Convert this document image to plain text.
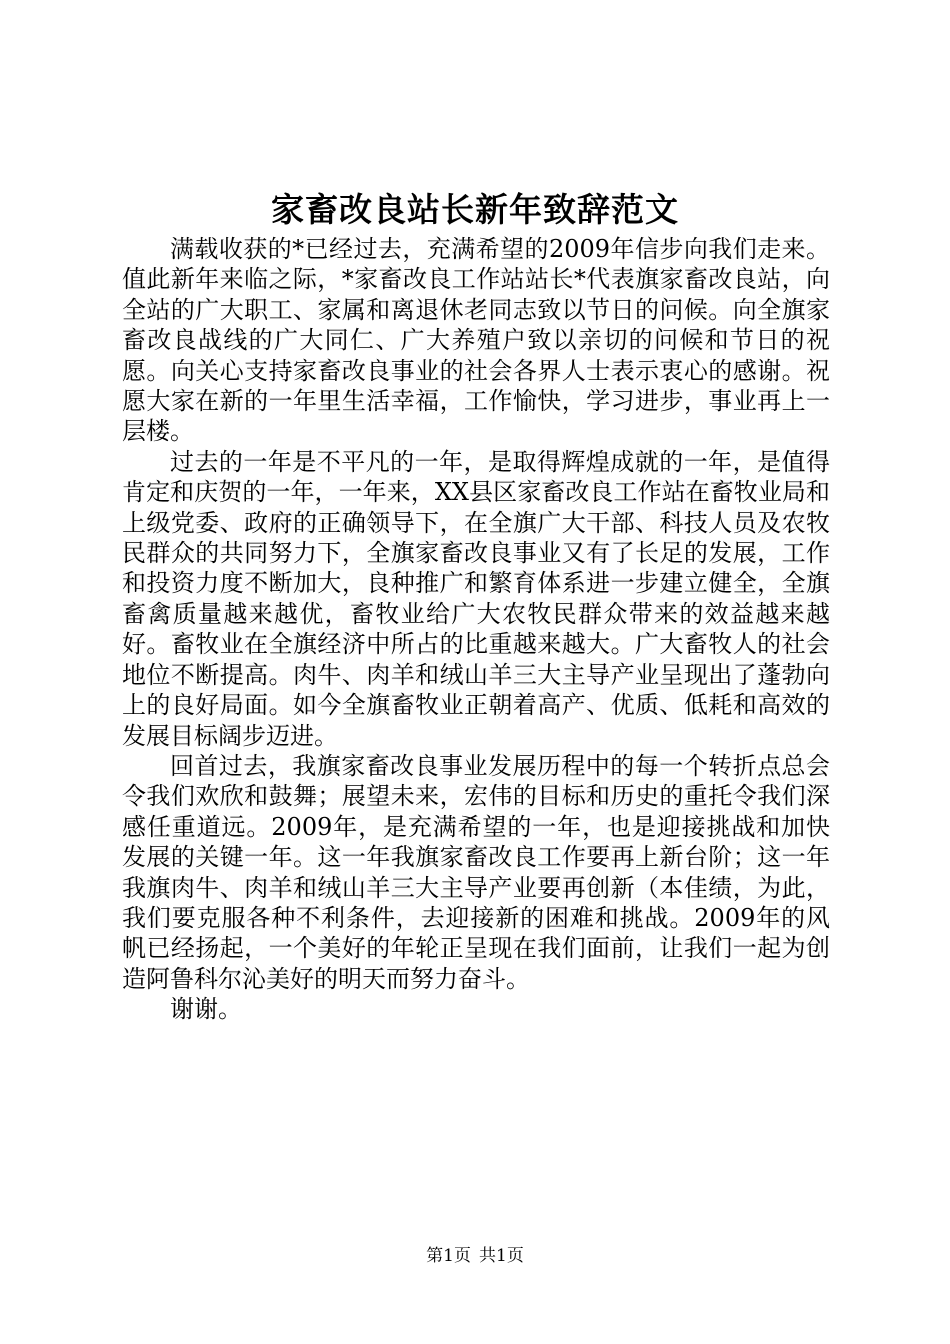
家畜改良站长新年致辞范文

满载收获的*已经过去，充满希望的2009年信步向我们走来。值此新年来临之际，*家畜改良工作站站长*代表旗家畜改良站，向全站的广大职工、家属和离退休老同志致以节日的问候。向全旗家畜改良战线的广大同仁、广大养殖户致以亲切的问候和节日的祝愿。向关心支持家畜改良事业的社会各界人士表示衷心的感谢。祝愿大家在新的一年里生活幸福，工作愉快，学习进步，事业再上一层楼。

过去的一年是不平凡的一年，是取得辉煌成就的一年，是值得肯定和庆贺的一年，一年来，XX县区家畜改良工作站在畜牧业局和上级党委、政府的正确领导下，在全旗广大干部、科技人员及农牧民群众的共同努力下，全旗家畜改良事业又有了长足的发展，工作和投资力度不断加大，良种推广和繁育体系进一步建立健全，全旗畜禽质量越来越优，畜牧业给广大农牧民群众带来的效益越来越好。畜牧业在全旗经济中所占的比重越来越大。广大畜牧人的社会地位不断提高。肉牛、肉羊和绒山羊三大主导产业呈现出了蓬勃向上的良好局面。如今全旗畜牧业正朝着高产、优质、低耗和高效的发展目标阔步迈进。

回首过去，我旗家畜改良事业发展历程中的每一个转折点总会令我们欢欣和鼓舞；展望未来，宏伟的目标和历史的重托令我们深感任重道远。2009年，是充满希望的一年，也是迎接挑战和加快发展的关键一年。这一年我旗家畜改良工作要再上新台阶；这一年我旗肉牛、肉羊和绒山羊三大主导产业要再创新（本佳绩，为此，我们要克服各种不利条件，去迎接新的困难和挑战。2009年的风帆已经扬起，一个美好的年轮正呈现在我们面前，让我们一起为创造阿鲁科尔沁美好的明天而努力奋斗。

谢谢。

第1页 共1页
